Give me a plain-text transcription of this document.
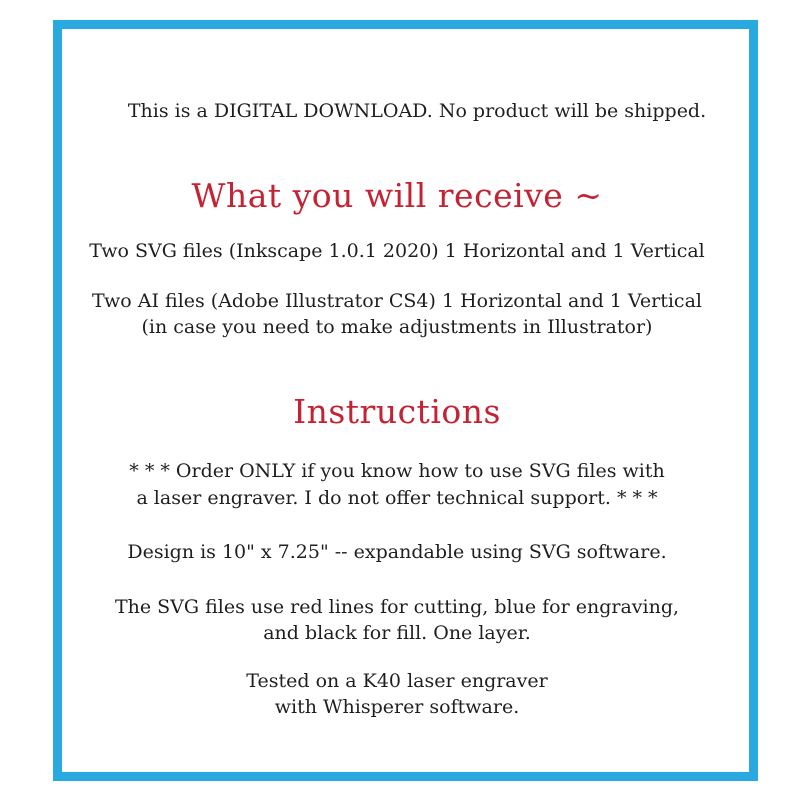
This is a DIGITAL DOWNLOAD. No product will be shipped.
What you will receive ~
Two SVG files (Inkscape 1.0.1 2020) 1 Horizontal and 1 Vertical
Two AI files (Adobe Illustrator CS4) 1 Horizontal and 1 Vertical
(in case you need to make adjustments in Illustrator)
Instructions
* * * Order ONLY if you know how to use SVG files with
a laser engraver. I do not offer technical support. * * *
Design is 10" x 7.25" -- expandable using SVG software.
The SVG files use red lines for cutting, blue for engraving,
and black for fill. One layer.
Tested on a K40 laser engraver
with Whisperer software.
